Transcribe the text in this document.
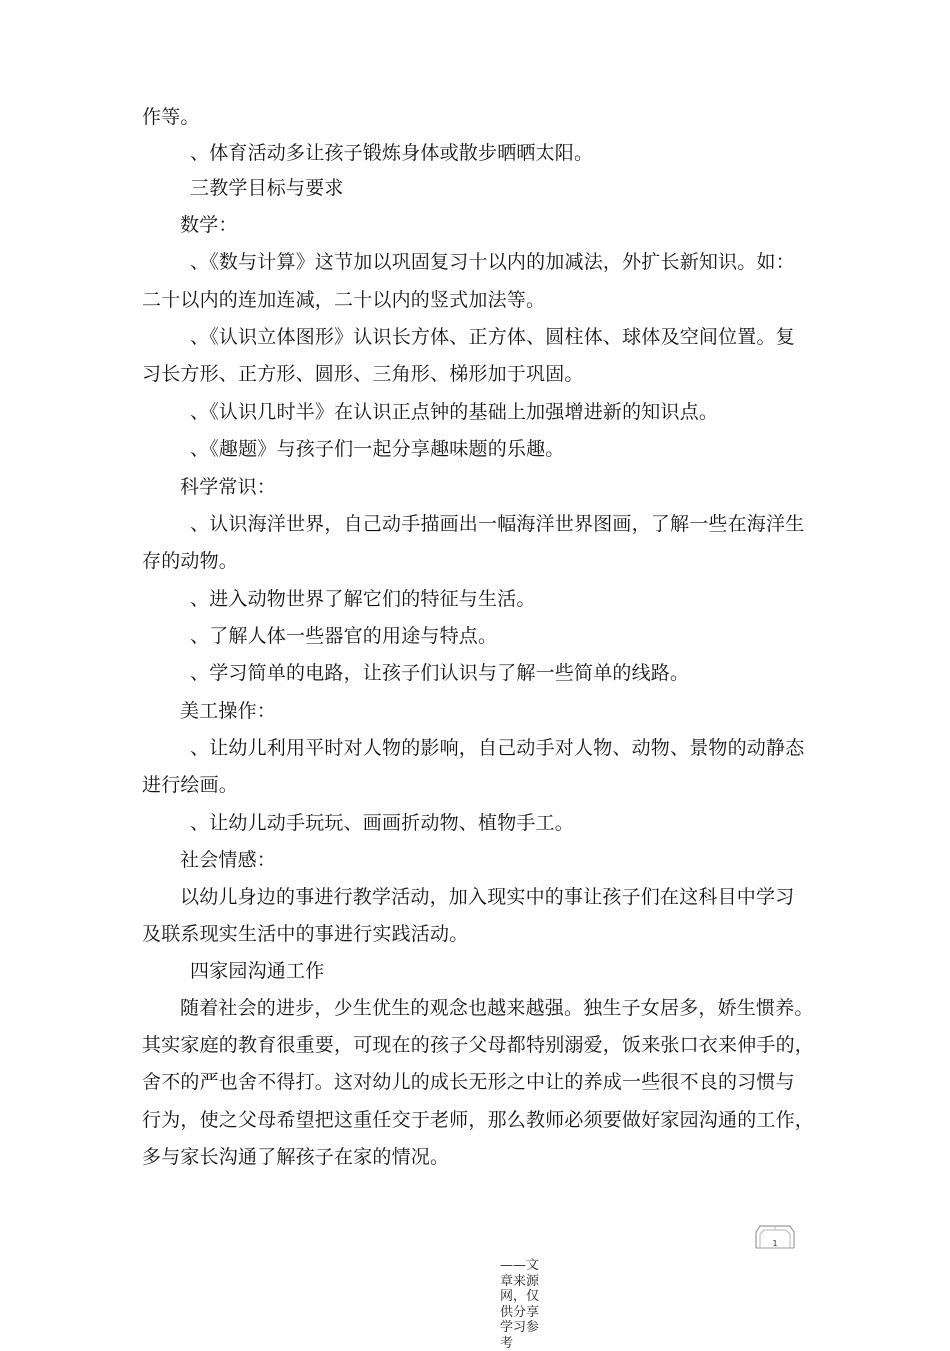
作等。
、体育活动多让孩子锻炼身体或散步晒晒太阳。
三教学目标与要求
数学：
、《数与计算》这节加以巩固复习十以内的加减法，外扩长新知识。如：
二十以内的连加连减，二十以内的竖式加法等。
、《认识立体图形》认识长方体、正方体、圆柱体、球体及空间位置。复
习长方形、正方形、圆形、三角形、梯形加于巩固。
、《认识几时半》在认识正点钟的基础上加强增进新的知识点。
、《趣题》与孩子们一起分享趣味题的乐趣。
科学常识：
、认识海洋世界，自己动手描画出一幅海洋世界图画，了解一些在海洋生
存的动物。
、进入动物世界了解它们的特征与生活。
、了解人体一些器官的用途与特点。
、学习简单的电路，让孩子们认识与了解一些简单的线路。
美工操作：
、让幼儿利用平时对人物的影响，自己动手对人物、动物、景物的动静态
进行绘画。
、让幼儿动手玩玩、画画折动物、植物手工。
社会情感：
以幼儿身边的事进行教学活动，加入现实中的事让孩子们在这科目中学习
及联系现实生活中的事进行实践活动。
四家园沟通工作
随着社会的进步，少生优生的观念也越来越强。独生子女居多，娇生惯养。
其实家庭的教育很重要，可现在的孩子父母都特别溺爱，饭来张口衣来伸手的，
舍不的严也舍不得打。这对幼儿的成长无形之中让的养成一些很不良的习惯与
行为，使之父母希望把这重任交于老师，那么教师必须要做好家园沟通的工作，
多与家长沟通了解孩子在家的情况。
1
——文章来源网，仅供分享学习参考
